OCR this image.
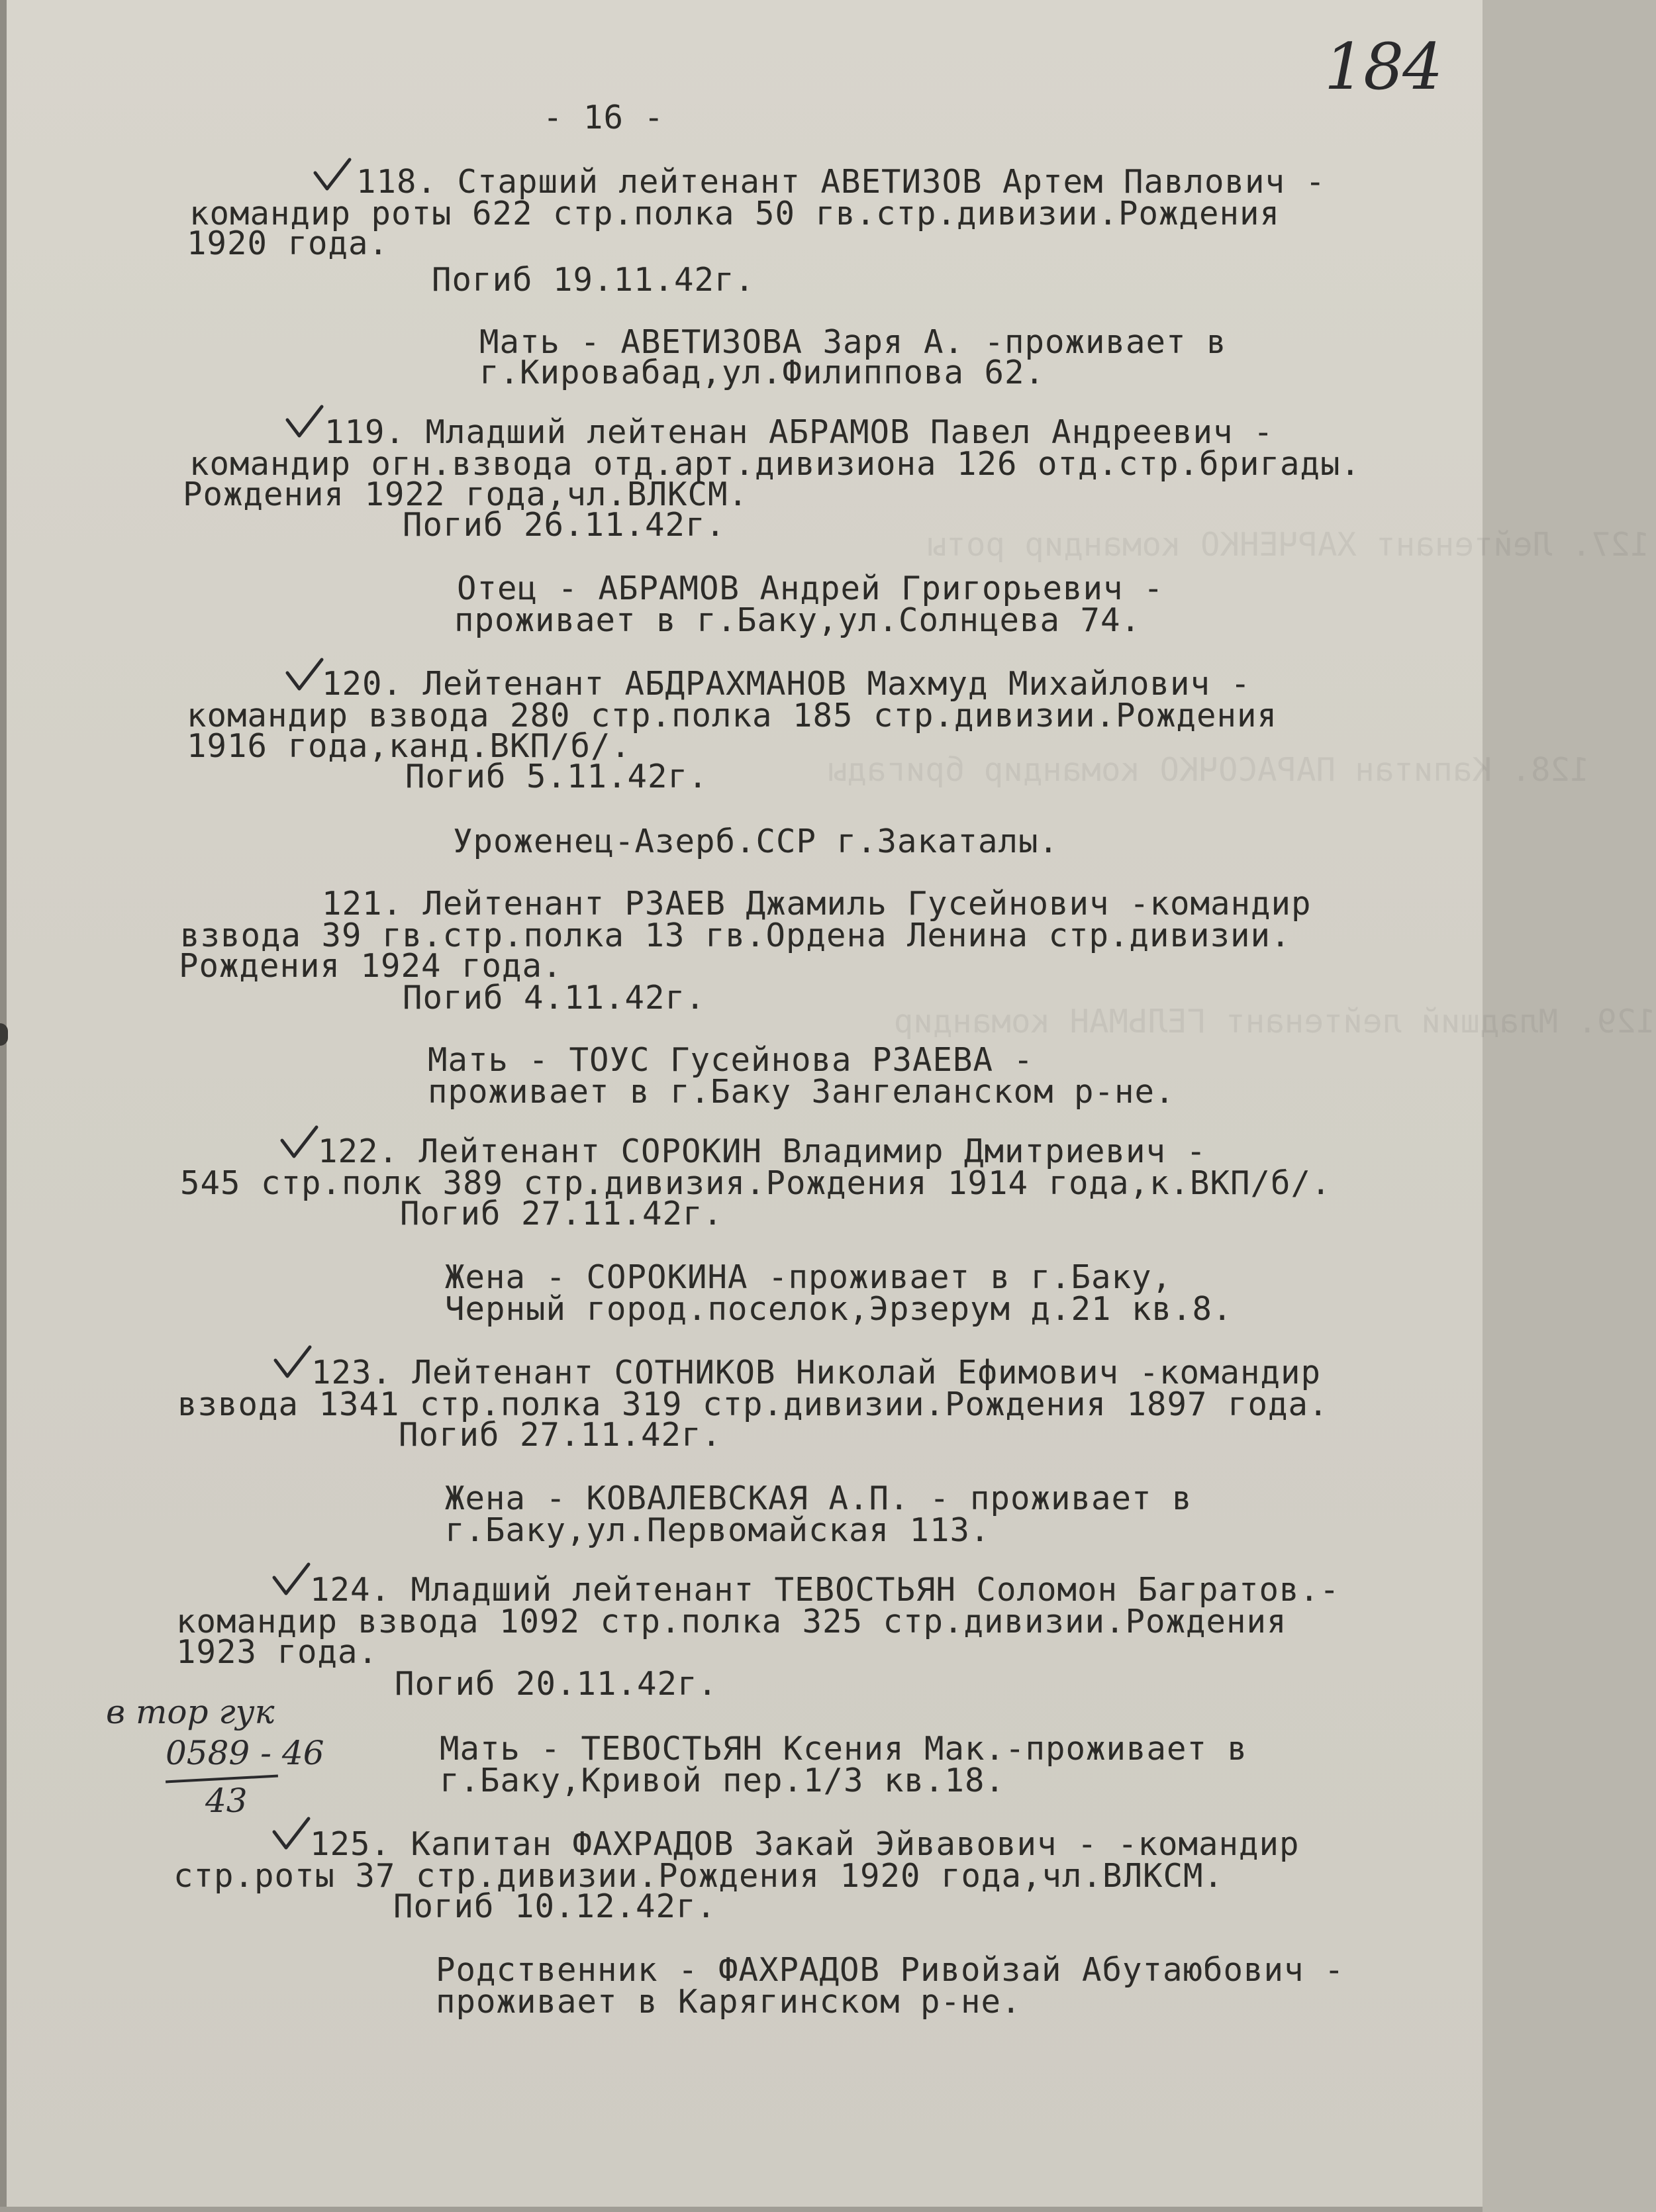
127. Лейтенант ХАРЧЕНКО командир роты
128. Капитан ПАРАСОЧКО командир бригады
129. Младший лейтенант ГЕЛЬМАН командир
184
- 16 -
118. Старший лейтенант АВЕТИЗОВ Артем Павлович -
командир роты 622 стр.полка 50 гв.стр.дивизии.Рождения
1920 года.
Погиб 19.11.42г.
Мать - АВЕТИЗОВА Заря А. -проживает в
г.Кировабад,ул.Филиппова 62.
119. Младший лейтенан АБРАМОВ Павел Андреевич -
командир огн.взвода отд.арт.дивизиона 126 отд.стр.бригады.
Рождения 1922 года,чл.ВЛКСМ.
Погиб 26.11.42г.
Отец - АБРАМОВ Андрей Григорьевич -
проживает в г.Баку,ул.Солнцева 74.
120. Лейтенант АБДРАХМАНОВ Махмуд Михайлович -
командир взвода 280 стр.полка 185 стр.дивизии.Рождения
1916 года,канд.ВКП/б/.
Погиб 5.11.42г.
Уроженец-Азерб.ССР г.Закаталы.
121. Лейтенант РЗАЕВ Джамиль Гусейнович -командир
взвода 39 гв.стр.полка 13 гв.Ордена Ленина стр.дивизии.
Рождения 1924 года.
Погиб 4.11.42г.
Мать - ТОУС Гусейнова РЗАЕВА -
проживает в г.Баку Зангеланском р-не.
122. Лейтенант СОРОКИН Владимир Дмитриевич -
545 стр.полк 389 стр.дивизия.Рождения 1914 года,к.ВКП/б/.
Погиб 27.11.42г.
Жена - СОРОКИНА -проживает в г.Баку,
Черный город.поселок,Эрзерум д.21 кв.8.
123. Лейтенант СОТНИКОВ Николай Ефимович -командир
взвода 1341 стр.полка 319 стр.дивизии.Рождения 1897 года.
Погиб 27.11.42г.
Жена - КОВАЛЕВСКАЯ А.П. - проживает в
г.Баку,ул.Первомайская 113.
124. Младший лейтенант ТЕВОСТЬЯН Соломон Багратов.-
командир взвода 1092 стр.полка 325 стр.дивизии.Рождения
1923 года.
Погиб 20.11.42г.
Мать - ТЕВОСТЬЯН Ксения Мак.-проживает в
г.Баку,Кривой пер.1/3 кв.18.
в тор гук
0589 - 46
43
125. Капитан ФАХРАДОВ Закай Эйвавович - -командир
стр.роты 37 стр.дивизии.Рождения 1920 года,чл.ВЛКСМ.
Погиб 10.12.42г.
Родственник - ФАХРАДОВ Ривойзай Абутаюбович -
проживает в Карягинском р-не.
